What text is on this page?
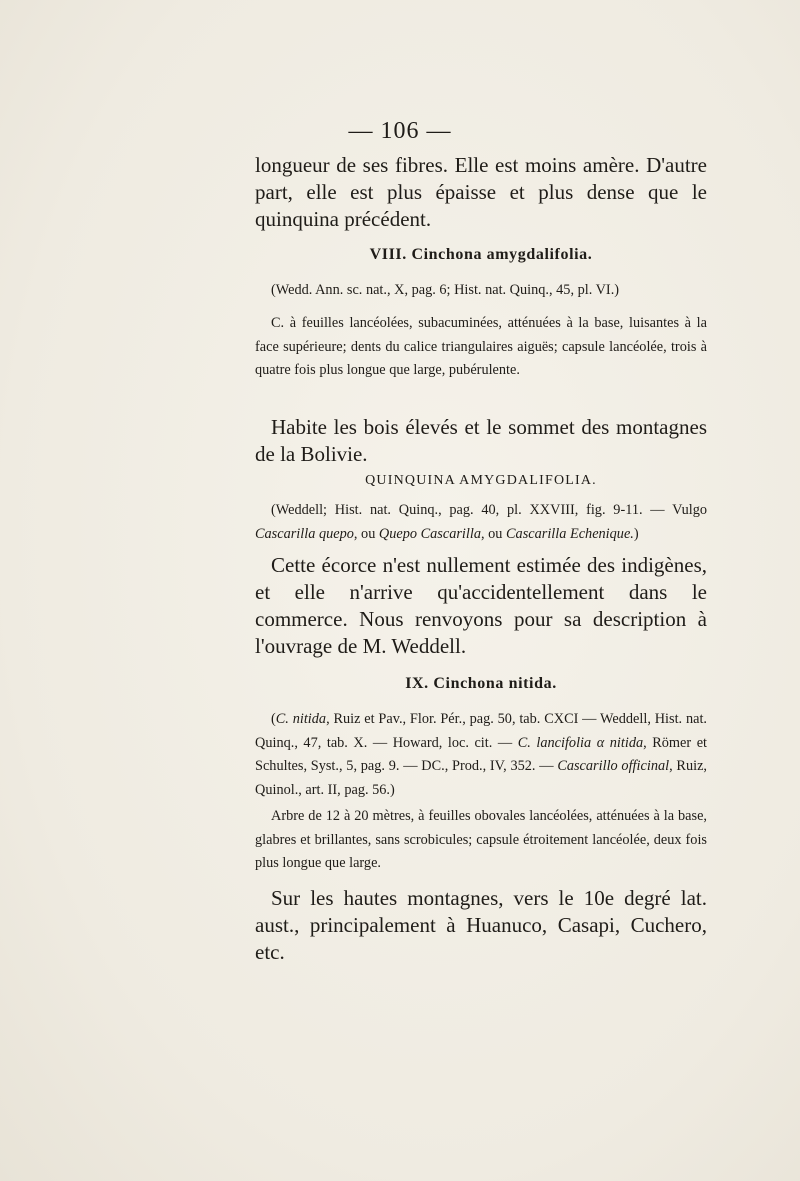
— 106 —

longueur de ses fibres. Elle est moins amère. D'autre part, elle est plus épaisse et plus dense que le quinquina précédent.

VIII. Cinchona amygdalifolia.

(Wedd. Ann. sc. nat., X, pag. 6; Hist. nat. Quinq., 45, pl. VI.)

C. à feuilles lancéolées, subacuminées, atténuées à la base, luisantes à la face supérieure; dents du calice triangulaires aiguës; capsule lancéolée, trois à quatre fois plus longue que large, pubérulente.

Habite les bois élevés et le sommet des montagnes de la Bolivie.

QUINQUINA AMYGDALIFOLIA.

(Weddell; Hist. nat. Quinq., pag. 40, pl. XXVIII, fig. 9-11. — Vulgo Cascarilla quepo, ou Quepo Cascarilla, ou Cascarilla Echenique.)

Cette écorce n'est nullement estimée des indigènes, et elle n'arrive qu'accidentellement dans le commerce. Nous renvoyons pour sa description à l'ouvrage de M. Weddell.

IX. Cinchona nitida.

(C. nitida, Ruiz et Pav., Flor. Pér., pag. 50, tab. CXCI — Weddell, Hist. nat. Quinq., 47, tab. X. — Howard, loc. cit. — C. lancifolia α nitida, Römer et Schultes, Syst., 5, pag. 9. — DC., Prod., IV, 352. — Cascarillo officinal, Ruiz, Quinol., art. II, pag. 56.)

Arbre de 12 à 20 mètres, à feuilles obovales lancéolées, atténuées à la base, glabres et brillantes, sans scrobicules; capsule étroitement lancéolée, deux fois plus longue que large.

Sur les hautes montagnes, vers le 10e degré lat. aust., principalement à Huanuco, Casapi, Cuchero, etc.
